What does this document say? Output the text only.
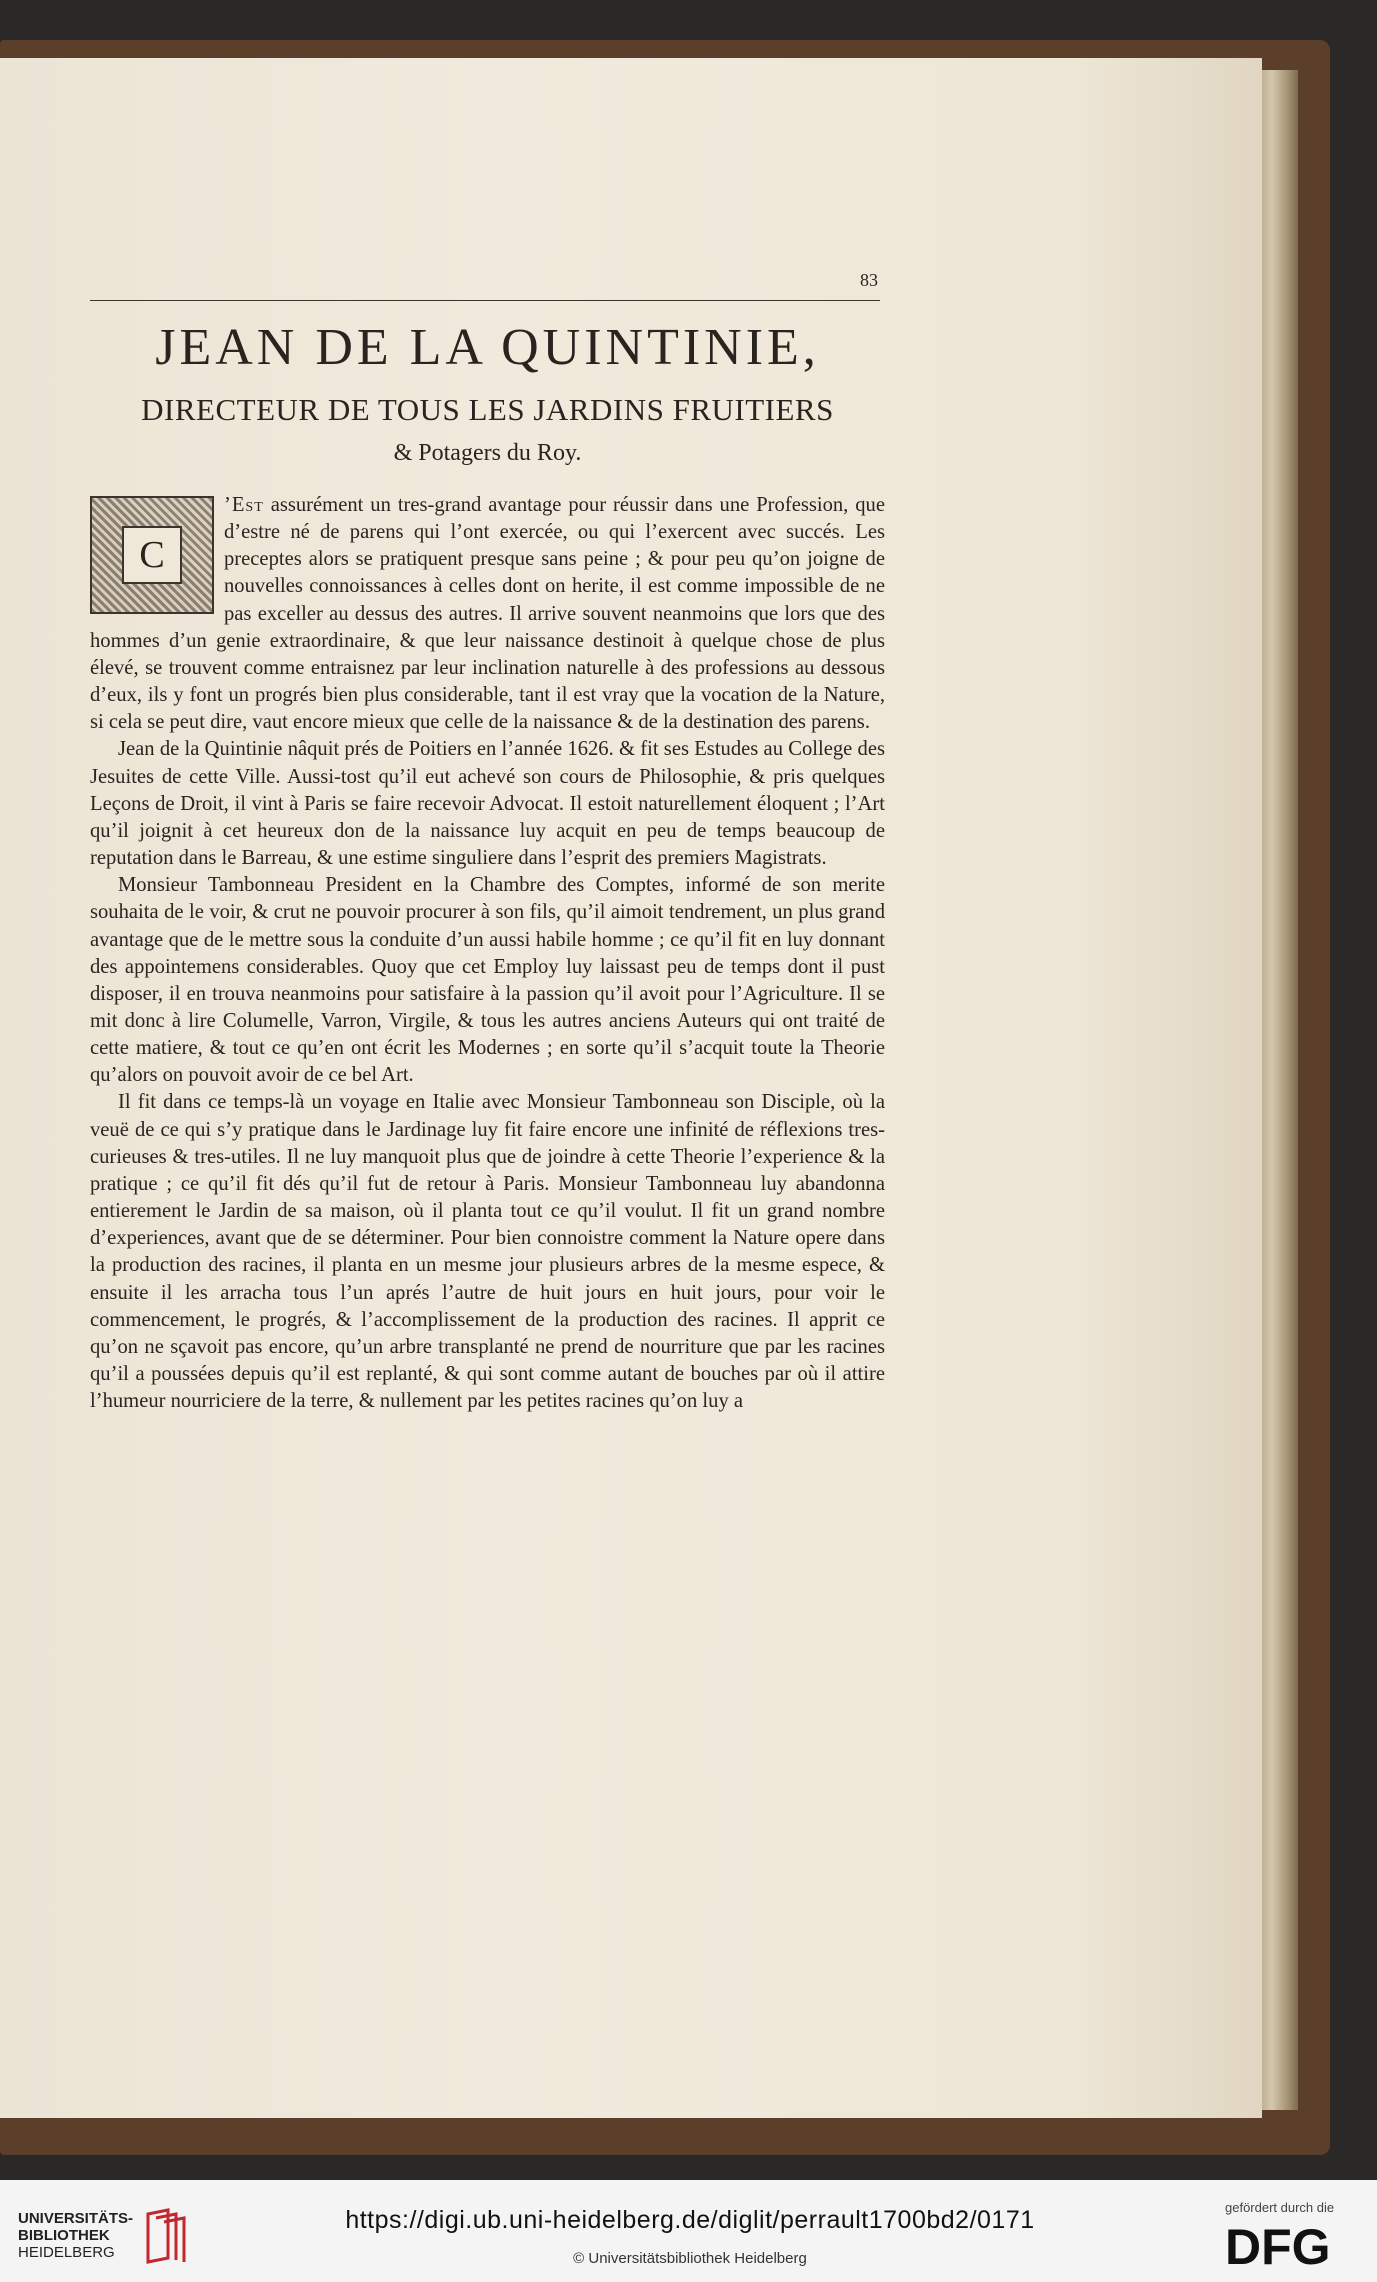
83
JEAN DE LA QUINTINIE,
DIRECTEUR DE TOUS LES JARDINS FRUITIERS
& Potagers du Roy.

C
’Est assurément un tres-grand avantage pour réussir dans une Profession, que d’estre né de parens qui l’ont exercée, ou qui l’exercent avec succés. Les preceptes alors se pratiquent presque sans peine ; & pour peu qu’on joigne de nouvelles connoissances à celles dont on herite, il est comme impossible de ne pas exceller au dessus des autres. Il arrive souvent neanmoins que lors que des hommes d’un genie extraordinaire, & que leur naissance destinoit à quelque chose de plus élevé, se trouvent comme entraisnez par leur inclination naturelle à des professions au dessous d’eux, ils y font un progrés bien plus considerable, tant il est vray que la vocation de la Nature, si cela se peut dire, vaut encore mieux que celle de la naissance & de la destination des parens.

Jean de la Quintinie nâquit prés de Poitiers en l’année 1626. & fit ses Estudes au College des Jesuites de cette Ville. Aussi-tost qu’il eut achevé son cours de Philosophie, & pris quelques Leçons de Droit, il vint à Paris se faire recevoir Advocat. Il estoit naturellement éloquent ; l’Art qu’il joignit à cet heureux don de la naissance luy acquit en peu de temps beaucoup de reputation dans le Barreau, & une estime singuliere dans l’esprit des premiers Magistrats.

Monsieur Tambonneau President en la Chambre des Comptes, informé de son merite souhaita de le voir, & crut ne pouvoir procurer à son fils, qu’il aimoit tendrement, un plus grand avantage que de le mettre sous la conduite d’un aussi habile homme ; ce qu’il fit en luy donnant des appointemens considerables. Quoy que cet Employ luy laissast peu de temps dont il pust disposer, il en trouva neanmoins pour satisfaire à la passion qu’il avoit pour l’Agriculture. Il se mit donc à lire Columelle, Varron, Virgile, & tous les autres anciens Auteurs qui ont traité de cette matiere, & tout ce qu’en ont écrit les Modernes ; en sorte qu’il s’acquit toute la Theorie qu’alors on pouvoit avoir de ce bel Art.

Il fit dans ce temps-là un voyage en Italie avec Monsieur Tambonneau son Disciple, où la veuë de ce qui s’y pratique dans le Jardinage luy fit faire encore une infinité de réflexions tres-curieuses & tres-utiles. Il ne luy manquoit plus que de joindre à cette Theorie l’experience & la pratique ; ce qu’il fit dés qu’il fut de retour à Paris. Monsieur Tambonneau luy abandonna entierement le Jardin de sa maison, où il planta tout ce qu’il voulut. Il fit un grand nombre d’experiences, avant que de se déterminer. Pour bien connoistre comment la Nature opere dans la production des racines, il planta en un mesme jour plusieurs arbres de la mesme espece, & ensuite il les arracha tous l’un aprés l’autre de huit jours en huit jours, pour voir le commencement, le progrés, & l’accomplissement de la production des racines. Il apprit ce qu’on ne sçavoit pas encore, qu’un arbre transplanté ne prend de nourriture que par les racines qu’il a poussées depuis qu’il est replanté, & qui sont comme autant de bouches par où il attire l’humeur nourriciere de la terre, & nullement par les petites racines qu’on luy a

UNIVERSITÄTS-

BIBLIOTHEK

HEIDELBERG

https://digi.ub.uni-heidelberg.de/diglit/perrault1700bd2/0171
© Universitätsbibliothek Heidelberg
gefördert durch die
DFG
